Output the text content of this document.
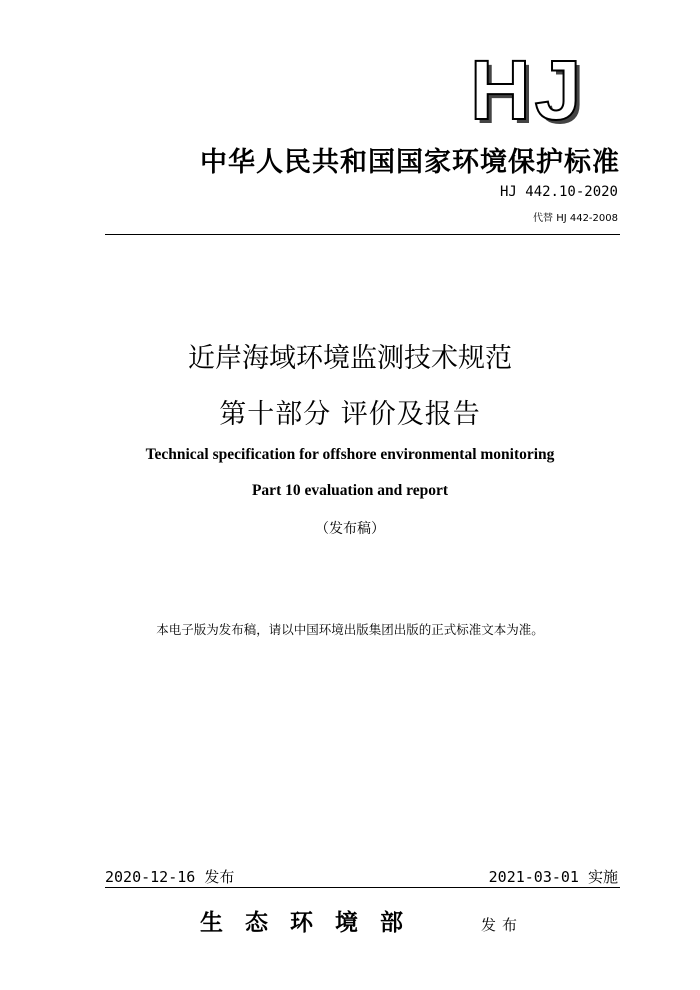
HJ
中华人民共和国国家环境保护标准
HJ 442.10-2020
代替 HJ 442-2008
近岸海域环境监测技术规范
第十部分 评价及报告
Technical specification for offshore environmental monitoring
Part 10 evaluation and report
（发布稿）
本电子版为发布稿，请以中国环境出版集团出版的正式标准文本为准。
2020-12-16 发布	2021-03-01 实施
生态环境部	发布
